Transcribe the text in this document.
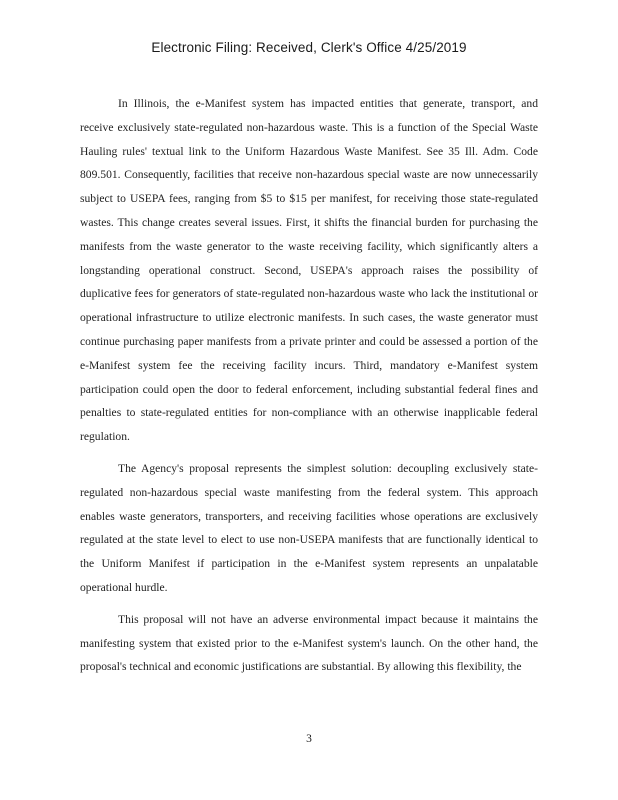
Electronic Filing: Received, Clerk's Office 4/25/2019

In Illinois, the e-Manifest system has impacted entities that generate, transport, and receive exclusively state-regulated non-hazardous waste. This is a function of the Special Waste Hauling rules' textual link to the Uniform Hazardous Waste Manifest. See 35 Ill. Adm. Code 809.501. Consequently, facilities that receive non-hazardous special waste are now unnecessarily subject to USEPA fees, ranging from $5 to $15 per manifest, for receiving those state-regulated wastes. This change creates several issues. First, it shifts the financial burden for purchasing the manifests from the waste generator to the waste receiving facility, which significantly alters a longstanding operational construct. Second, USEPA's approach raises the possibility of duplicative fees for generators of state-regulated non-hazardous waste who lack the institutional or operational infrastructure to utilize electronic manifests. In such cases, the waste generator must continue purchasing paper manifests from a private printer and could be assessed a portion of the e-Manifest system fee the receiving facility incurs. Third, mandatory e-Manifest system participation could open the door to federal enforcement, including substantial federal fines and penalties to state-regulated entities for non-compliance with an otherwise inapplicable federal regulation.

The Agency's proposal represents the simplest solution: decoupling exclusively state-regulated non-hazardous special waste manifesting from the federal system. This approach enables waste generators, transporters, and receiving facilities whose operations are exclusively regulated at the state level to elect to use non-USEPA manifests that are functionally identical to the Uniform Manifest if participation in the e-Manifest system represents an unpalatable operational hurdle.

This proposal will not have an adverse environmental impact because it maintains the manifesting system that existed prior to the e-Manifest system's launch. On the other hand, the proposal's technical and economic justifications are substantial. By allowing this flexibility, the

3
